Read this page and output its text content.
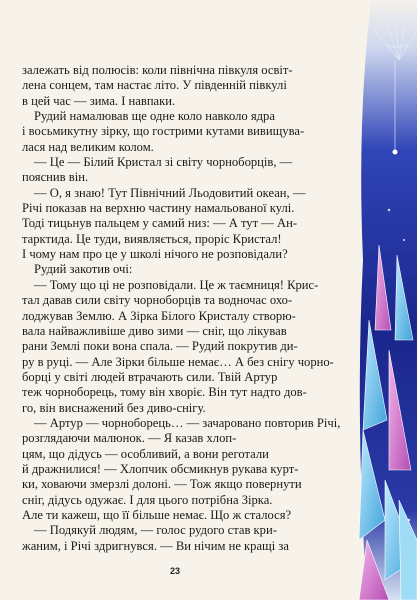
залежать від полюсів: коли північна півкуля освіт-
лена сонцем, там настає літо. У південній півкулі
в цей час — зима. І навпаки.

Рудий намалював ще одне коло навколо ядра
і восьмикутну зірку, що гострими кутами вивищува-
лася над великим колом.

— Це — Білий Кристал зі світу чорноборців, —
пояснив він.

— О, я знаю! Тут Північний Льодовитий океан, —
Річі показав на верхню частину намальованої кулі.
Тоді тицьнув пальцем у самий низ: — А тут — Ан-
тарктида. Це туди, виявляється, проріс Кристал!
І чому нам про це у школі нічого не розповідали?

Рудий закотив очі:

— Тому що ці не розповідали. Це ж таємниця! Крис-
тал давав сили світу чорноборців та водночас охо-
лоджував Землю. А Зірка Білого Кристалу створю-
вала найважливіше диво зими — сніг, що лікував
рани Землі поки вона спала. — Рудий покрутив ди-
ру в руці. — Але Зірки більше немає… А без снігу чорно-
борці у світі людей втрачають сили. Твій Артур
теж чорноборець, тому він хворіє. Він тут надто дов-
го, він виснажений без диво-снігу.

— Артур — чорноборець… — зачаровано повторив Річі,
розглядаючи малюнок. — Я казав хлоп-
цям, що дідусь — особливий, а вони реготали
й дражнилися! — Хлопчик обсмикнув рукава курт-
ки, ховаючи змерзлі долоні. — Тож якщо повернути
сніг, дідусь одужає. І для цього потрібна Зірка.
Але ти кажеш, що її більше немає. Що ж сталося?

— Подякуй людям, — голос рудого став кри-
жаним, і Річі здригнувся. — Ви нічим не кращі за

23
